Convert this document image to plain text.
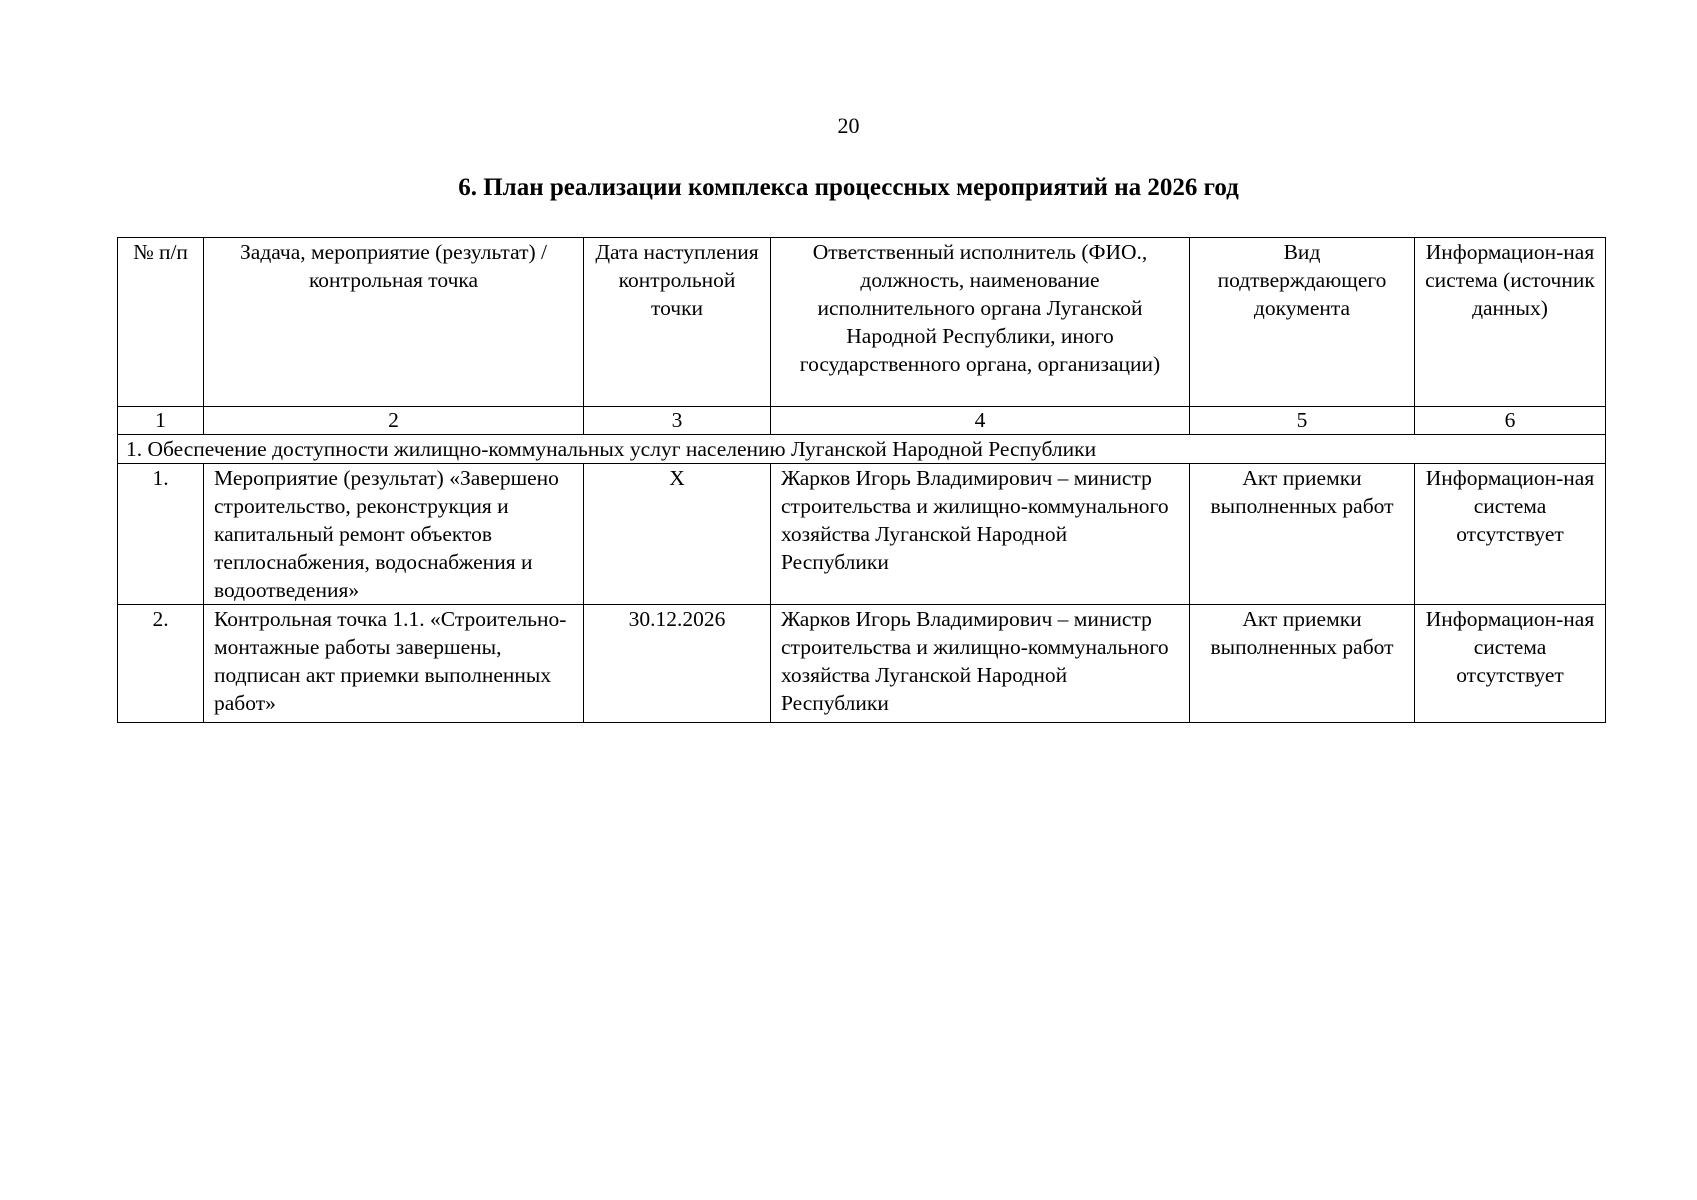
20
6. План реализации комплекса процессных мероприятий на 2026 год
№ п/п	Задача, мероприятие (результат) / контрольная точка	Дата наступления контрольной точки	Ответственный исполнитель (ФИО., должность, наименование исполнительного органа Луганской Народной Республики, иного государственного органа, организации)	Вид подтверждающего документа	Информацион-ная система (источник данных)
1	2	3	4	5	6
1. Обеспечение доступности жилищно-коммунальных услуг населению Луганской Народной Республики					
1.	Мероприятие (результат) «Завершено строительство, реконструкция и капитальный ремонт объектов теплоснабжения, водоснабжения и водоотведения»	X	Жарков Игорь Владимирович – министр строительства и жилищно-коммунального хозяйства Луганской Народной Республики	Акт приемки выполненных работ	Информацион-ная система отсутствует
2.	Контрольная точка 1.1. «Строительно-монтажные работы завершены, подписан акт приемки выполненных работ»	30.12.2026	Жарков Игорь Владимирович – министр строительства и жилищно-коммунального хозяйства Луганской Народной Республики	Акт приемки выполненных работ	Информацион-ная система отсутствует
